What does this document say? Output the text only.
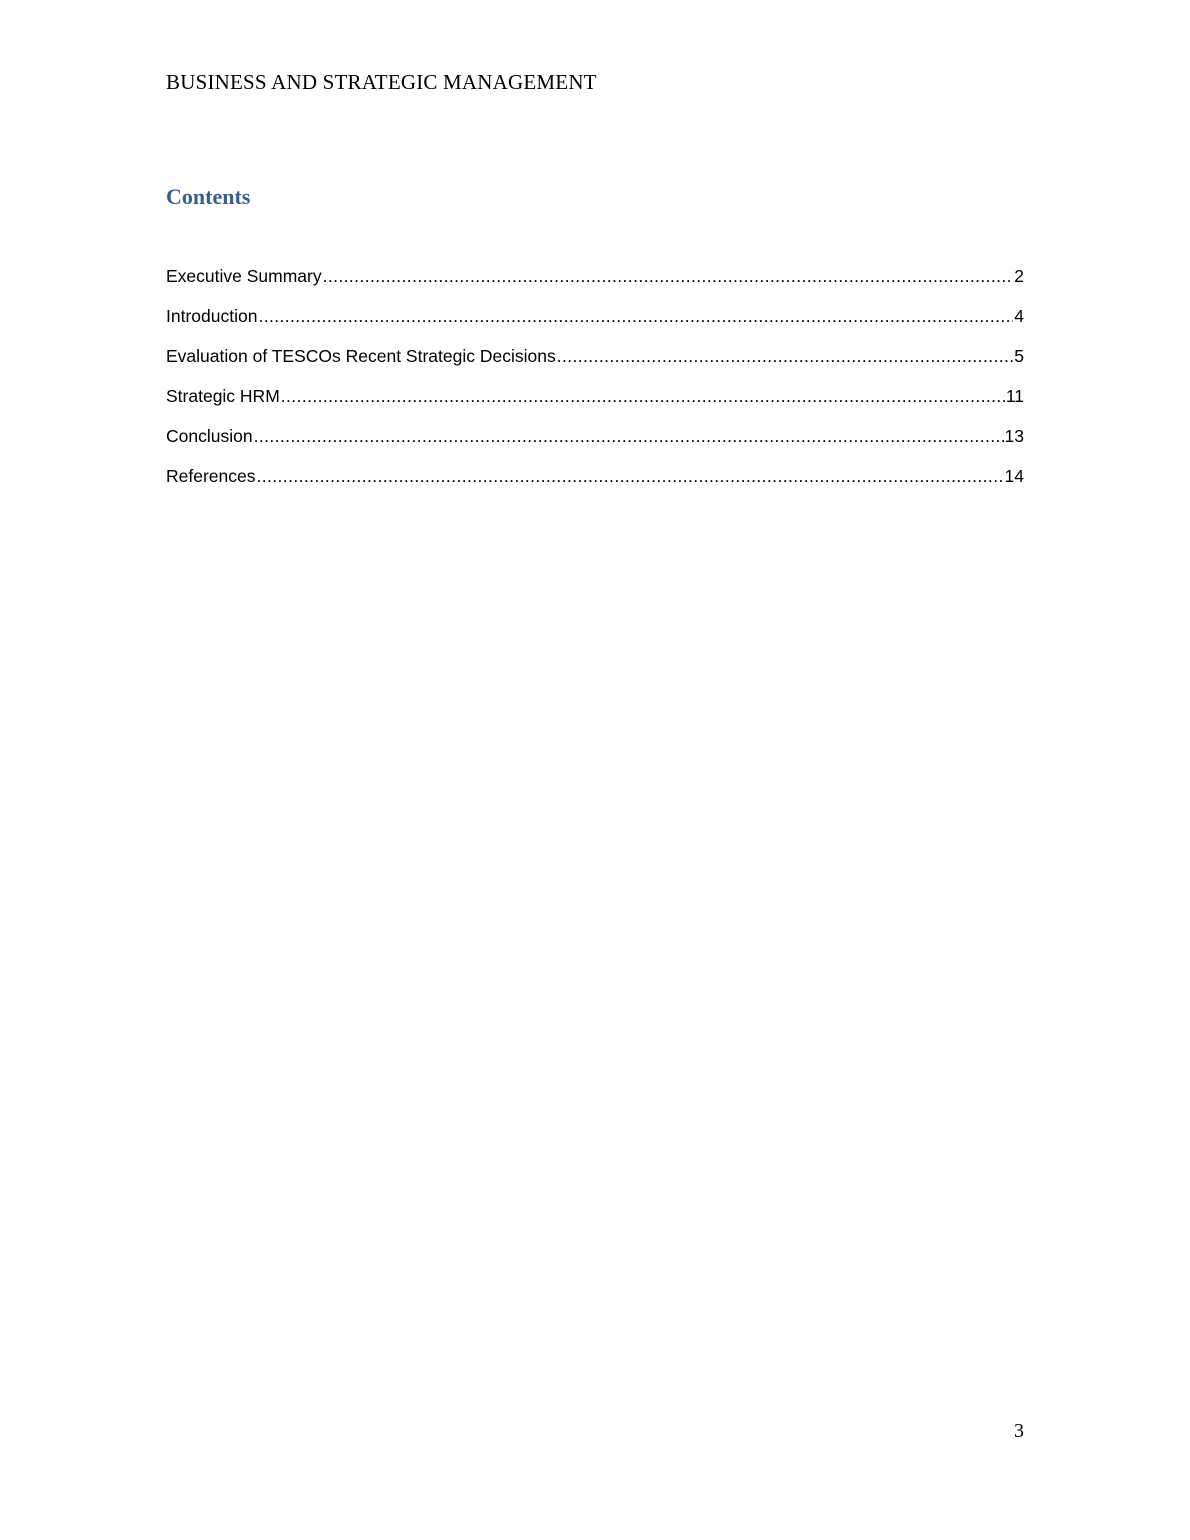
BUSINESS AND STRATEGIC MANAGEMENT
Contents
Executive Summary .....	2
Introduction .....	4
Evaluation of TESCOs Recent Strategic Decisions .....	5
Strategic HRM .....	11
Conclusion .....	13
References .....	14
3
